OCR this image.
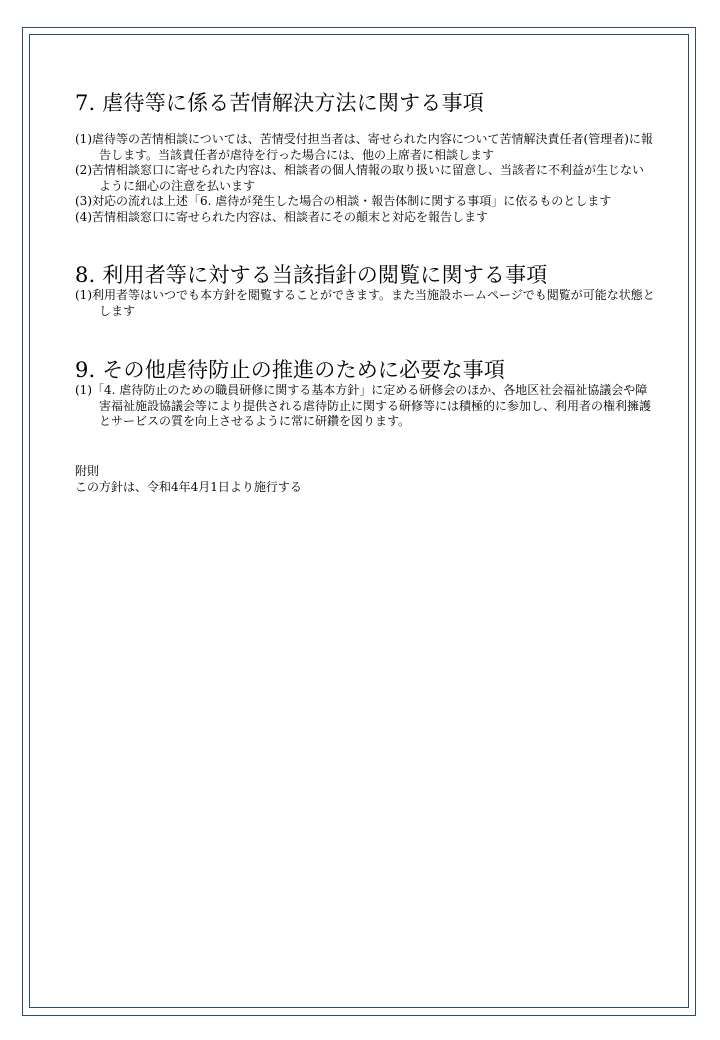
7. 虐待等に係る苦情解決方法に関する事項
(1)虐待等の苦情相談については、苦情受付担当者は、寄せられた内容について苦情解決責任者(管理者)に報告します。当該責任者が虐待を行った場合には、他の上席者に相談します
(2)苦情相談窓口に寄せられた内容は、相談者の個人情報の取り扱いに留意し、当該者に不利益が生じないように細心の注意を払います
(3)対応の流れは上述「6. 虐待が発生した場合の相談・報告体制に関する事項」に依るものとします
(4)苦情相談窓口に寄せられた内容は、相談者にその顛末と対応を報告します
8. 利用者等に対する当該指針の閲覧に関する事項
(1)利用者等はいつでも本方針を閲覧することができます。また当施設ホームページでも閲覧が可能な状態とします
9. その他虐待防止の推進のために必要な事項
(1)「4. 虐待防止のための職員研修に関する基本方針」に定める研修会のほか、各地区社会福祉協議会や障害福祉施設協議会等により提供される虐待防止に関する研修等には積極的に参加し、利用者の権利擁護とサービスの質を向上させるように常に研鑽を図ります。
附則
この方針は、令和4年4月1日より施行する
